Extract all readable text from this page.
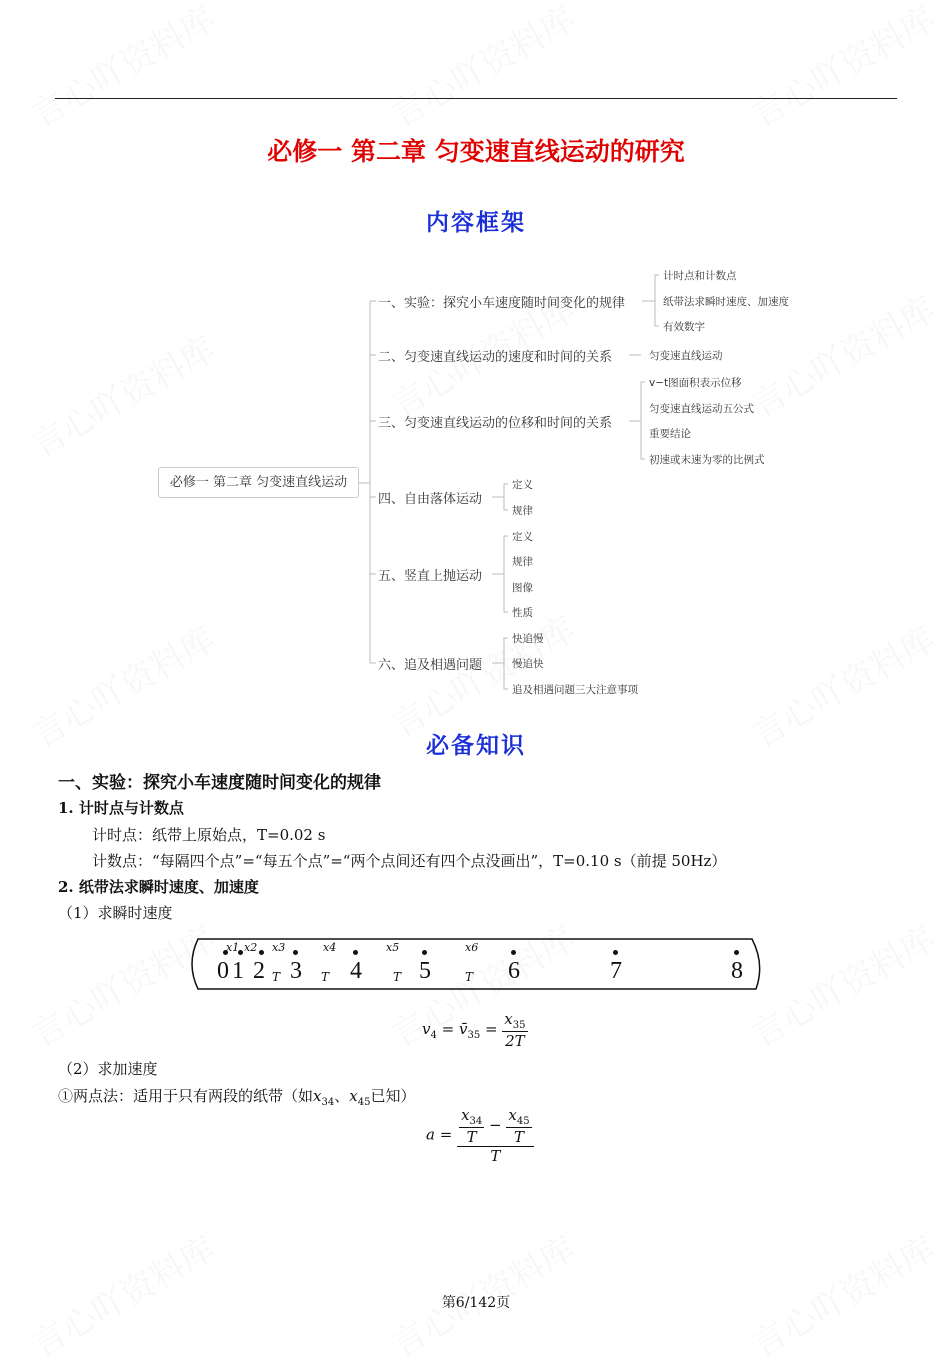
必修一 第二章 匀变速直线运动的研究
内容框架
必修一 第二章 匀变速直线运动
一、实验：探究小车速度随时间变化的规律
计时点和计数点
纸带法求瞬时速度、加速度
有效数字
二、匀变速直线运动的速度和时间的关系	匀变速直线运动
三、匀变速直线运动的位移和时间的关系
v−t图面积表示位移
匀变速直线运动五公式
重要结论
初速或末速为零的比例式
四、自由落体运动
定义
规律
五、竖直上抛运动
定义
规律
图像
性质
六、追及相遇问题
快追慢
慢追快
追及相遇问题三大注意事项
必备知识
一、实验：探究小车速度随时间变化的规律
1. 计时点与计数点
计时点：纸带上原始点，T=0.02 s
计数点：“每隔四个点”=“每五个点”=“两个点间还有四个点没画出”，T=0.10 s（前提 50Hz）
2. 纸带法求瞬时速度、加速度
（1）求瞬时速度
0 1 2 3 4 5	6	7	8
x1 x2 x3	x4	x5	x6
T	T	T	T
$v_4$ = $v̄_{35} = \frac{x_{35}}{2T}$
（2）求加速度
①两点法：适用于只有两段的纸带（如$x_{34}$、$x_{45}$已知）
$a = \frac{\frac{x_{34}}{T} - \frac{x_{45}}{T}}{T}$
第6/142页
